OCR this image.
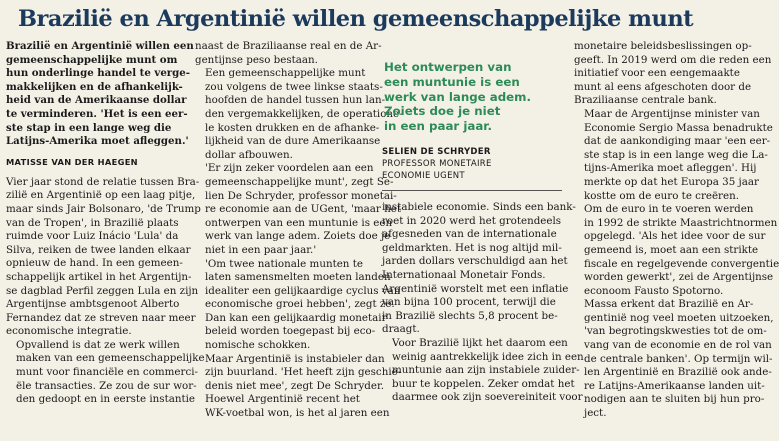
Brazilië en Argentinië willen gemeenschappelijke munt

Brazilië en Argentinië willen een
gemeenschappelijke munt om
hun onderlinge handel te verge-
makkelijken en de afhankelijk-
heid van de Amerikaanse dollar
te verminderen. 'Het is een eer-
ste stap in een lange weg die
Latijns-Amerika moet afleggen.'

MATISSE VAN DER HAEGEN

Vier jaar stond de relatie tussen Bra-
zilië en Argentinië op een laag pitje,
maar sinds Jair Bolsonaro, 'de Trump
van de Tropen', in Brazilië plaats
ruimde voor Luiz Inácio 'Lula' da
Silva, reiken de twee landen elkaar
opnieuw de hand. In een gemeen-
schappelijk artikel in het Argentijn-
se dagblad Perfil zeggen Lula en zijn
Argentijnse ambtsgenoot Alberto
Fernandez dat ze streven naar meer
economische integratie.

Opvallend is dat ze werk willen
maken van een gemeenschappelijke
munt voor financiële en commerci-
ële transacties. Ze zou de sur wor-
den gedoopt en in eerste instantie

naast de Braziliaanse real en de Ar-
gentijnse peso bestaan.

Een gemeenschappelijke munt
zou volgens de twee linkse staats-
hoofden de handel tussen hun lan-
den vergemakkelijken, de operatione-
le kosten drukken en de afhanke-
lijkheid van de dure Amerikaanse
dollar afbouwen.

'Er zijn zeker voordelen aan een
gemeenschappelijke munt', zegt Se-
lien De Schryder, professor monetai-
re economie aan de UGent, 'maar het
ontwerpen van een muntunie is een
werk van lange adem. Zoiets doe je
niet in een paar jaar.'

'Om twee nationale munten te
laten samensmelten moeten landen
idealiter een gelijkaardige cyclus van
economische groei hebben', zegt ze.
Dan kan een gelijkaardig monetair
beleid worden toegepast bij eco-
nomische schokken.

Maar Argentinië is instabieler dan
zijn buurland. 'Het heeft zijn geschie-
denis niet mee', zegt De Schryder.
Hoewel Argentinië recent het
WK-voetbal won, is het al jaren een

Het ontwerpen van
een muntunie is een
werk van lange adem.
Zoiets doe je niet
in een paar jaar.
SELIEN DE SCHRYDER
PROFESSOR MONETAIRE
ECONOMIE UGENT

instabiele economie. Sinds een bank-
roet in 2020 werd het grotendeels
afgesneden van de internationale
geldmarkten. Het is nog altijd mil-
jarden dollars verschuldigd aan het
Internationaal Monetair Fonds.
Argentinië worstelt met een inflatie
van bijna 100 procent, terwijl die
in Brazilië slechts 5,8 procent be-
draagt.

Voor Brazilië lijkt het daarom een
weinig aantrekkelijk idee zich in een
muntunie aan zijn instabiele zuider-
buur te koppelen. Zeker omdat het
daarmee ook zijn soevereiniteit voor

monetaire beleidsbeslissingen op-
geeft. In 2019 werd om die reden een
initiatief voor een eengemaakte
munt al eens afgeschoten door de
Braziliaanse centrale bank.

Maar de Argentijnse minister van
Economie Sergio Massa benadrukte
dat de aankondiging maar 'een eer-
ste stap is in een lange weg die La-
tijns-Amerika moet afleggen'. Hij
merkte op dat het Europa 35 jaar
kostte om de euro te creëren.

Om de euro in te voeren werden
in 1992 de strikte Maastrichtnormen
opgelegd. 'Als het idee voor de sur
gemeend is, moet aan een strikte
fiscale en regelgevende convergentie
worden gewerkt', zei de Argentijnse
econoom Fausto Spotorno.

Massa erkent dat Brazilië en Ar-
gentinië nog veel moeten uitzoeken,
'van begrotingskwesties tot de om-
vang van de economie en de rol van
de centrale banken'. Op termijn wil-
len Argentinië en Brazilië ook ande-
re Latijns-Amerikaanse landen uit-
nodigen aan te sluiten bij hun pro-
ject.
